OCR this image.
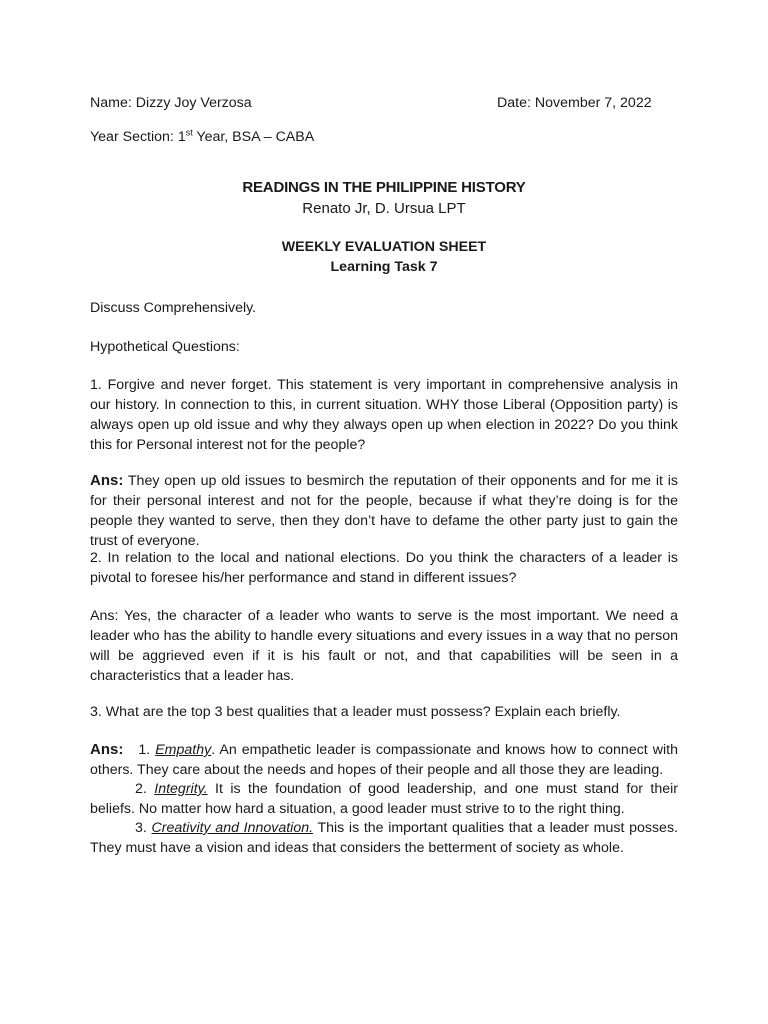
Name: Dizzy Joy Verzosa	Date: November 7, 2022
Year Section: 1st Year, BSA – CABA
READINGS IN THE PHILIPPINE HISTORY
Renato Jr, D. Ursua LPT
WEEKLY EVALUATION SHEET
Learning Task 7
Discuss Comprehensively.
Hypothetical Questions:
1. Forgive and never forget. This statement is very important in comprehensive analysis in our history. In connection to this, in current situation. WHY those Liberal (Opposition party) is always open up old issue and why they always open up when election in 2022? Do you think this for Personal interest not for the people?
Ans: They open up old issues to besmirch the reputation of their opponents and for me it is for their personal interest and not for the people, because if what they’re doing is for the people they wanted to serve, then they don’t have to defame the other party just to gain the trust of everyone.
2. In relation to the local and national elections. Do you think the characters of a leader is pivotal to foresee his/her performance and stand in different issues?
Ans: Yes, the character of a leader who wants to serve is the most important. We need a leader who has the ability to handle every situations and every issues in a way that no person will be aggrieved even if it is his fault or not, and that capabilities will be seen in a characteristics that a leader has.
3. What are the top 3 best qualities that a leader must possess? Explain each briefly.
Ans: 1. Empathy. An empathetic leader is compassionate and knows how to connect with others. They care about the needs and hopes of their people and all those they are leading.
2. Integrity. It is the foundation of good leadership, and one must stand for their beliefs. No matter how hard a situation, a good leader must strive to to the right thing.
3. Creativity and Innovation. This is the important qualities that a leader must posses. They must have a vision and ideas that considers the betterment of society as whole.
